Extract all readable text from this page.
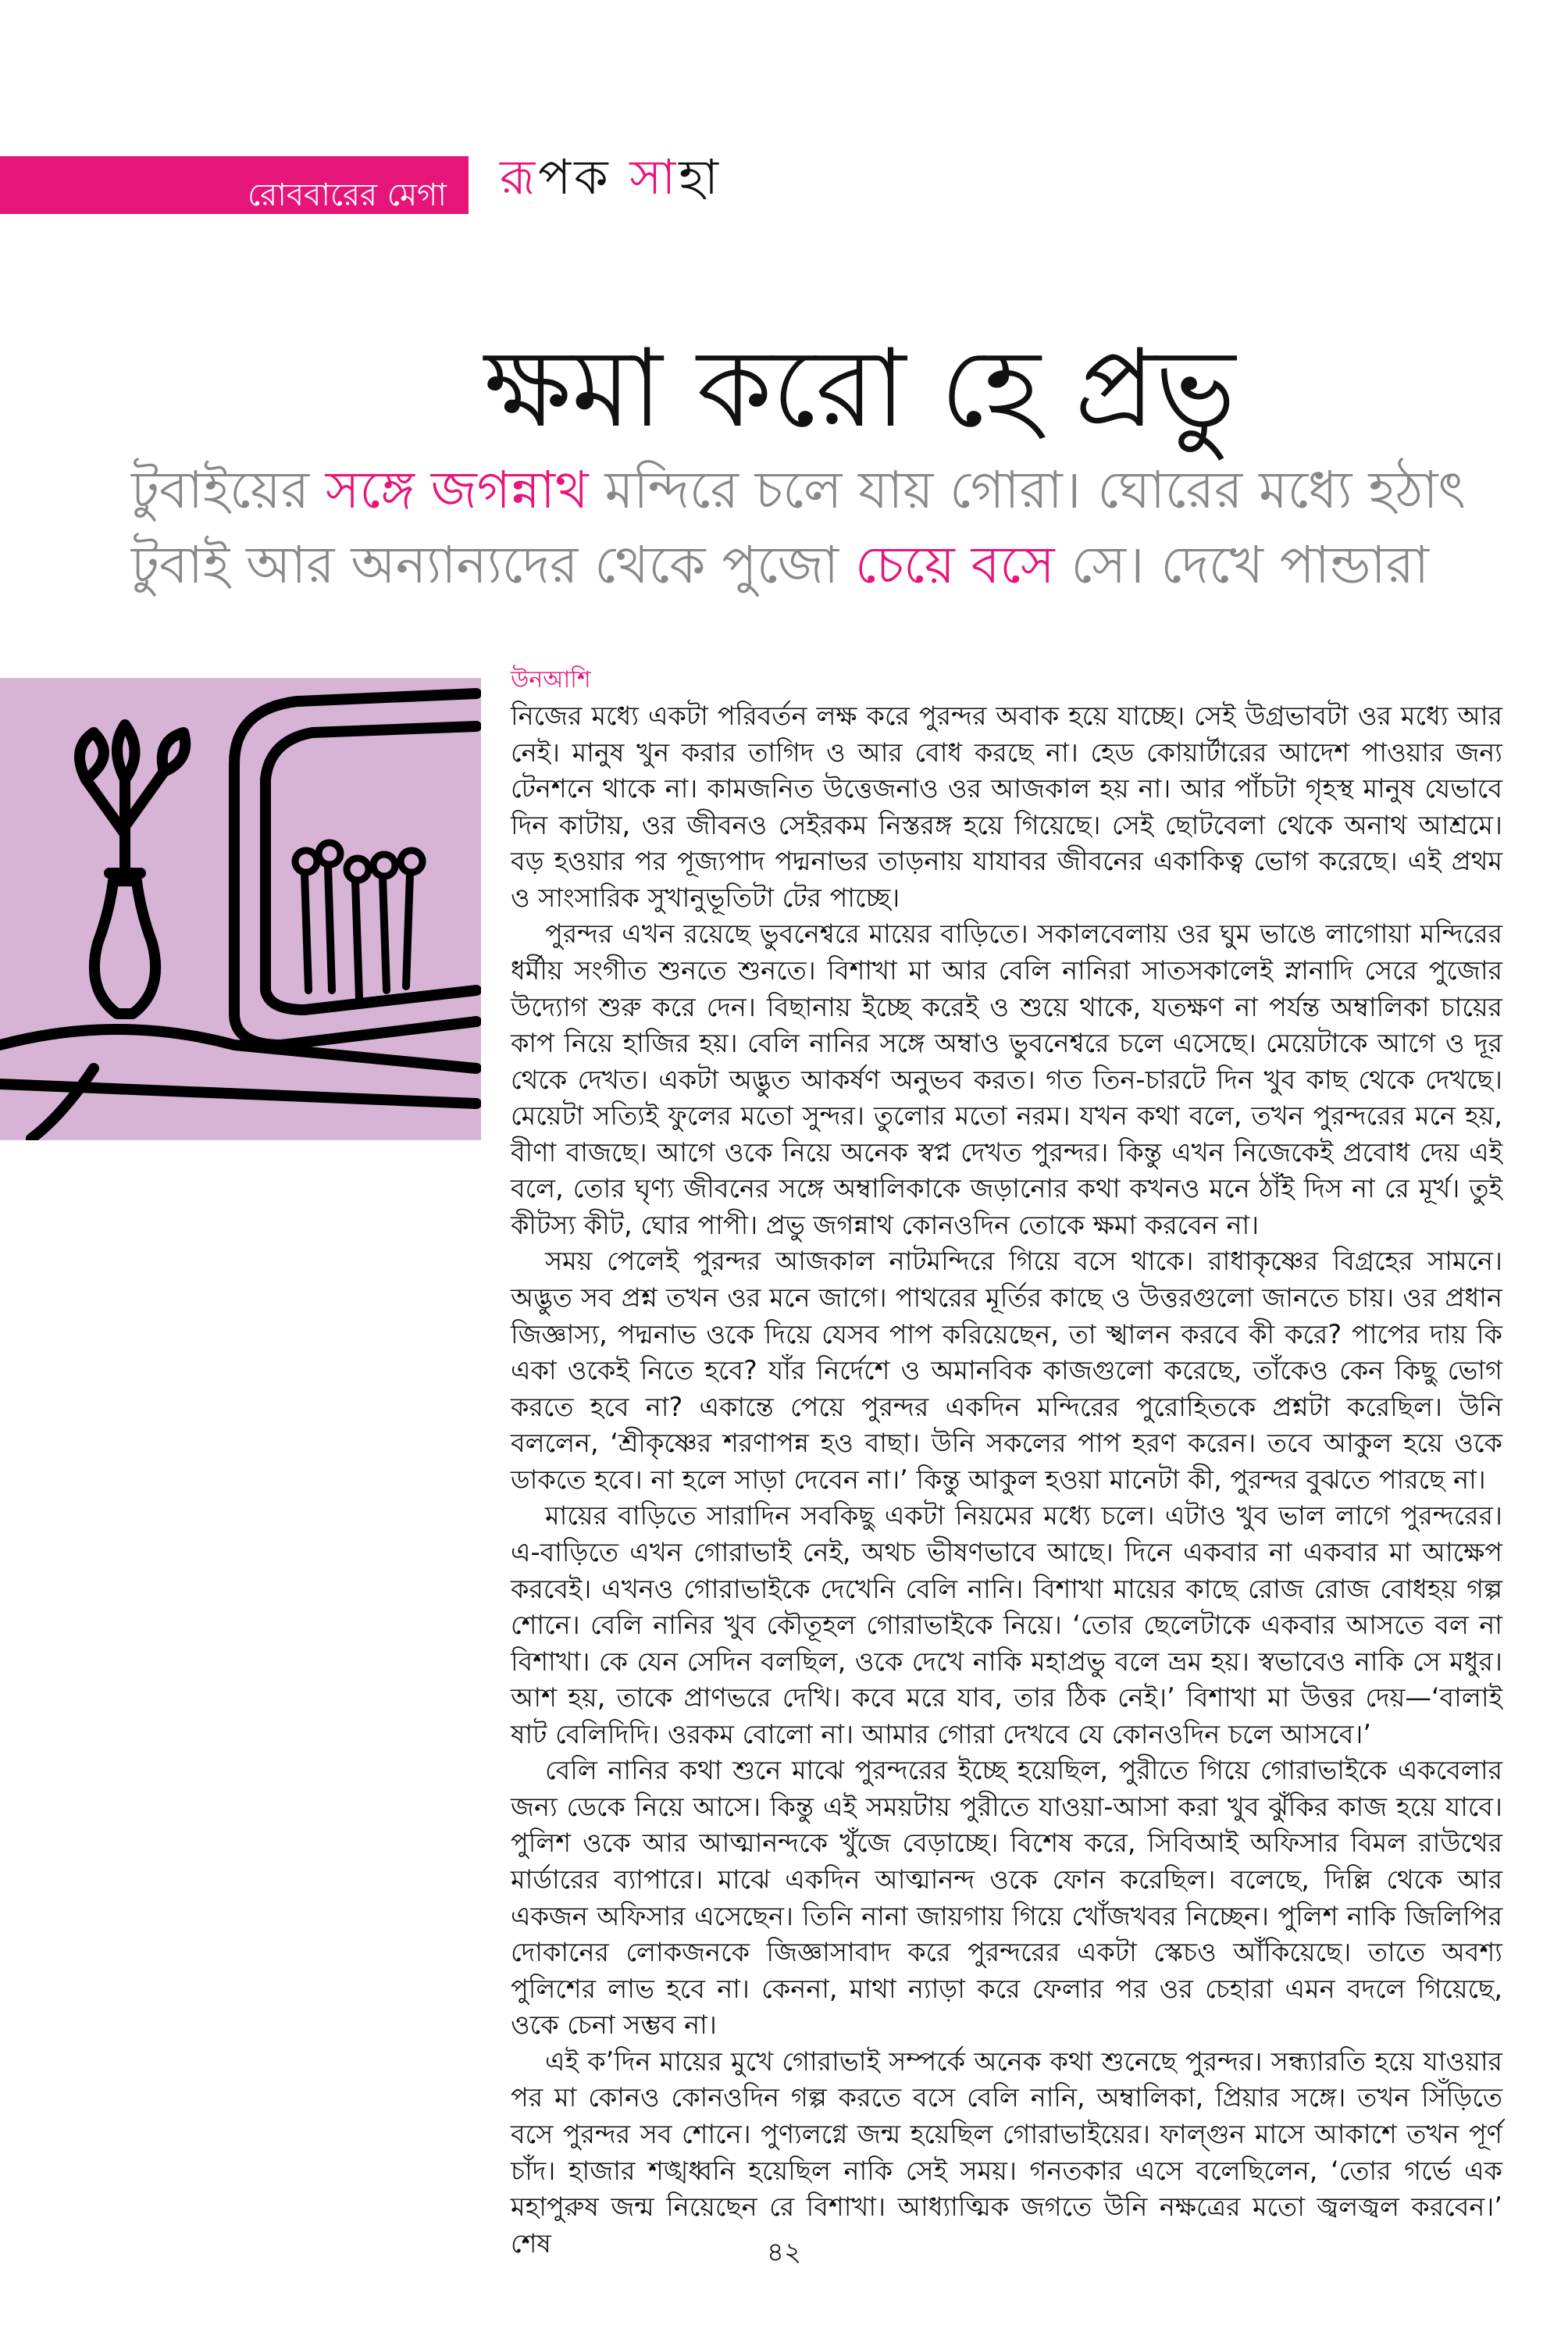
রোববারের মেগা রূপক সাহা
ক্ষমা করো হে প্রভু
টুবাইয়ের সঙ্গে জগন্নাথ মন্দিরে চলে যায় গোরা। ঘোরের মধ্যে হঠাৎ টুবাই আর অন্যান্যদের থেকে পুজো চেয়ে বসে সে। দেখে পান্ডারা
উনআশি

নিজের মধ্যে একটা পরিবর্তন লক্ষ করে পুরন্দর অবাক হয়ে যাচ্ছে। সেই উগ্রভাবটা ওর মধ্যে আর নেই। মানুষ খুন করার তাগিদ ও আর বোধ করছে না। হেড কোয়ার্টারের আদেশ পাওয়ার জন্য টেনশনে থাকে না। কামজনিত উত্তেজনাও ওর আজকাল হয় না। আর পাঁচটা গৃহস্থ মানুষ যেভাবে দিন কাটায়, ওর জীবনও সেইরকম নিস্তরঙ্গ হয়ে গিয়েছে। সেই ছোটবেলা থেকে অনাথ আশ্রমে। বড় হওয়ার পর পূজ্যপাদ পদ্মনাভর তাড়নায় যাযাবর জীবনের একাকিত্ব ভোগ করেছে। এই প্রথম ও সাংসারিক সুখানুভূতিটা টের পাচ্ছে।

পুরন্দর এখন রয়েছে ভুবনেশ্বরে মায়ের বাড়িতে। সকালবেলায় ওর ঘুম ভাঙে লাগোয়া মন্দিরের ধর্মীয় সংগীত শুনতে শুনতে। বিশাখা মা আর বেলি নানিরা সাতসকালেই স্নানাদি সেরে পুজোর উদ্যোগ শুরু করে দেন। বিছানায় ইচ্ছে করেই ও শুয়ে থাকে, যতক্ষণ না পর্যন্ত অম্বালিকা চায়ের কাপ নিয়ে হাজির হয়। বেলি নানির সঙ্গে অম্বাও ভুবনেশ্বরে চলে এসেছে। মেয়েটাকে আগে ও দূর থেকে দেখত। একটা অদ্ভুত আকর্ষণ অনুভব করত। গত তিন-চারটে দিন খুব কাছ থেকে দেখছে। মেয়েটা সত্যিই ফুলের মতো সুন্দর। তুলোর মতো নরম। যখন কথা বলে, তখন পুরন্দরের মনে হয়, বীণা বাজছে। আগে ওকে নিয়ে অনেক স্বপ্ন দেখত পুরন্দর। কিন্তু এখন নিজেকেই প্রবোধ দেয় এই বলে, তোর ঘৃণ্য জীবনের সঙ্গে অম্বালিকাকে জড়ানোর কথা কখনও মনে ঠাঁই দিস না রে মূর্খ। তুই কীটস্য কীট, ঘোর পাপী। প্রভু জগন্নাথ কোনওদিন তোকে ক্ষমা করবেন না।

সময় পেলেই পুরন্দর আজকাল নাটমন্দিরে গিয়ে বসে থাকে। রাধাকৃষ্ণের বিগ্রহের সামনে। অদ্ভুত সব প্রশ্ন তখন ওর মনে জাগে। পাথরের মূর্তির কাছে ও উত্তরগুলো জানতে চায়। ওর প্রধান জিজ্ঞাস্য, পদ্মনাভ ওকে দিয়ে যেসব পাপ করিয়েছেন, তা স্খালন করবে কী করে? পাপের দায় কি একা ওকেই নিতে হবে? যাঁর নির্দেশে ও অমানবিক কাজগুলো করেছে, তাঁকেও কেন কিছু ভোগ করতে হবে না? একান্তে পেয়ে পুরন্দর একদিন মন্দিরের পুরোহিতকে প্রশ্নটা করেছিল। উনি বললেন, ‘শ্রীকৃষ্ণের শরণাপন্ন হও বাছা। উনি সকলের পাপ হরণ করেন। তবে আকুল হয়ে ওকে ডাকতে হবে। না হলে সাড়া দেবেন না।’ কিন্তু আকুল হওয়া মানেটা কী, পুরন্দর বুঝতে পারছে না।

মায়ের বাড়িতে সারাদিন সবকিছু একটা নিয়মের মধ্যে চলে। এটাও খুব ভাল লাগে পুরন্দরের। এ-বাড়িতে এখন গোরাভাই নেই, অথচ ভীষণভাবে আছে। দিনে একবার না একবার মা আক্ষেপ করবেই। এখনও গোরাভাইকে দেখেনি বেলি নানি। বিশাখা মায়ের কাছে রোজ রোজ বোধহয় গল্প শোনে। বেলি নানির খুব কৌতূহল গোরাভাইকে নিয়ে। ‘তোর ছেলেটাকে একবার আসতে বল না বিশাখা। কে যেন সেদিন বলছিল, ওকে দেখে নাকি মহাপ্রভু বলে ভ্রম হয়। স্বভাবেও নাকি সে মধুর। আশ হয়, তাকে প্রাণভরে দেখি। কবে মরে যাব, তার ঠিক নেই।’ বিশাখা মা উত্তর দেয়—‘বালাই ষাট বেলিদিদি। ওরকম বোলো না। আমার গোরা দেখবে যে কোনওদিন চলে আসবে।’

বেলি নানির কথা শুনে মাঝে পুরন্দরের ইচ্ছে হয়েছিল, পুরীতে গিয়ে গোরাভাইকে একবেলার জন্য ডেকে নিয়ে আসে। কিন্তু এই সময়টায় পুরীতে যাওয়া-আসা করা খুব ঝুঁকির কাজ হয়ে যাবে। পুলিশ ওকে আর আত্মানন্দকে খুঁজে বেড়াচ্ছে। বিশেষ করে, সিবিআই অফিসার বিমল রাউথের মার্ডারের ব্যাপারে। মাঝে একদিন আত্মানন্দ ওকে ফোন করেছিল। বলেছে, দিল্লি থেকে আর একজন অফিসার এসেছেন। তিনি নানা জায়গায় গিয়ে খোঁজখবর নিচ্ছেন। পুলিশ নাকি জিলিপির দোকানের লোকজনকে জিজ্ঞাসাবাদ করে পুরন্দরের একটা স্কেচও আঁকিয়েছে। তাতে অবশ্য পুলিশের লাভ হবে না। কেননা, মাথা ন্যাড়া করে ফেলার পর ওর চেহারা এমন বদলে গিয়েছে, ওকে চেনা সম্ভব না।

এই ক’দিন মায়ের মুখে গোরাভাই সম্পর্কে অনেক কথা শুনেছে পুরন্দর। সন্ধ্যারতি হয়ে যাওয়ার পর মা কোনও কোনওদিন গল্প করতে বসে বেলি নানি, অম্বালিকা, প্রিয়ার সঙ্গে। তখন সিঁড়িতে বসে পুরন্দর সব শোনে। পুণ্যলগ্নে জন্ম হয়েছিল গোরাভাইয়ের। ফাল্গুন মাসে আকাশে তখন পূর্ণ চাঁদ। হাজার শঙ্খধ্বনি হয়েছিল নাকি সেই সময়। গনতকার এসে বলেছিলেন, ‘তোর গর্ভে এক মহাপুরুষ জন্ম নিয়েছেন রে বিশাখা। আধ্যাত্মিক জগতে উনি নক্ষত্রের মতো জ্বলজ্বল করবেন।’ শেষ	৪২
